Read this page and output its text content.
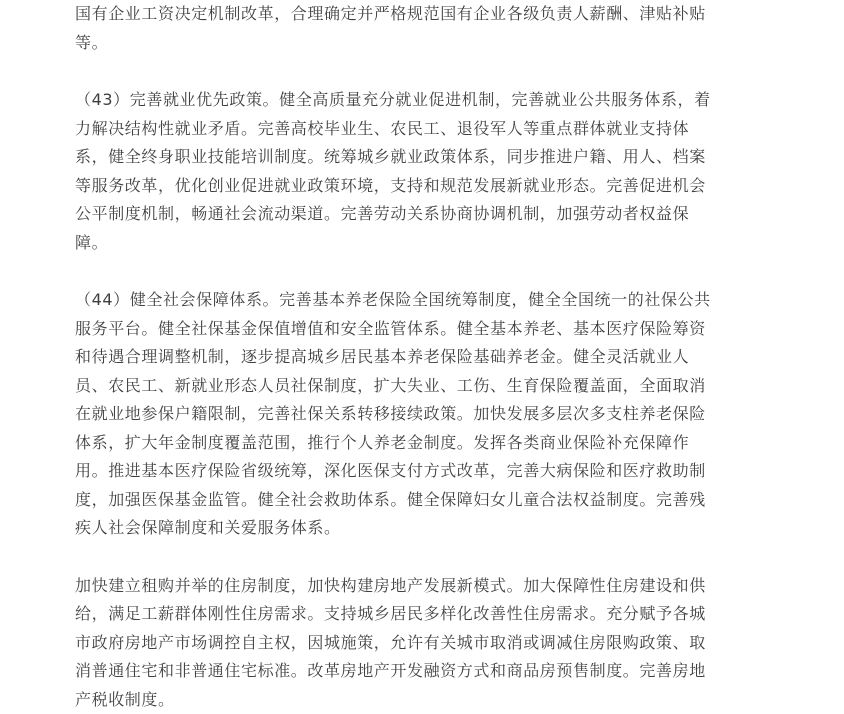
国有企业工资决定机制改革，合理确定并严格规范国有企业各级负责人薪酬、津贴补贴
等。

（43）完善就业优先政策。健全高质量充分就业促进机制，完善就业公共服务体系，着
力解决结构性就业矛盾。完善高校毕业生、农民工、退役军人等重点群体就业支持体
系，健全终身职业技能培训制度。统筹城乡就业政策体系，同步推进户籍、用人、档案
等服务改革，优化创业促进就业政策环境，支持和规范发展新就业形态。完善促进机会
公平制度机制，畅通社会流动渠道。完善劳动关系协商协调机制，加强劳动者权益保
障。

（44）健全社会保障体系。完善基本养老保险全国统筹制度，健全全国统一的社保公共
服务平台。健全社保基金保值增值和安全监管体系。健全基本养老、基本医疗保险筹资
和待遇合理调整机制，逐步提高城乡居民基本养老保险基础养老金。健全灵活就业人
员、农民工、新就业形态人员社保制度，扩大失业、工伤、生育保险覆盖面，全面取消
在就业地参保户籍限制，完善社保关系转移接续政策。加快发展多层次多支柱养老保险
体系，扩大年金制度覆盖范围，推行个人养老金制度。发挥各类商业保险补充保障作
用。推进基本医疗保险省级统筹，深化医保支付方式改革，完善大病保险和医疗救助制
度，加强医保基金监管。健全社会救助体系。健全保障妇女儿童合法权益制度。完善残
疾人社会保障制度和关爱服务体系。

加快建立租购并举的住房制度，加快构建房地产发展新模式。加大保障性住房建设和供
给，满足工薪群体刚性住房需求。支持城乡居民多样化改善性住房需求。充分赋予各城
市政府房地产市场调控自主权，因城施策，允许有关城市取消或调减住房限购政策、取
消普通住宅和非普通住宅标准。改革房地产开发融资方式和商品房预售制度。完善房地
产税收制度。
